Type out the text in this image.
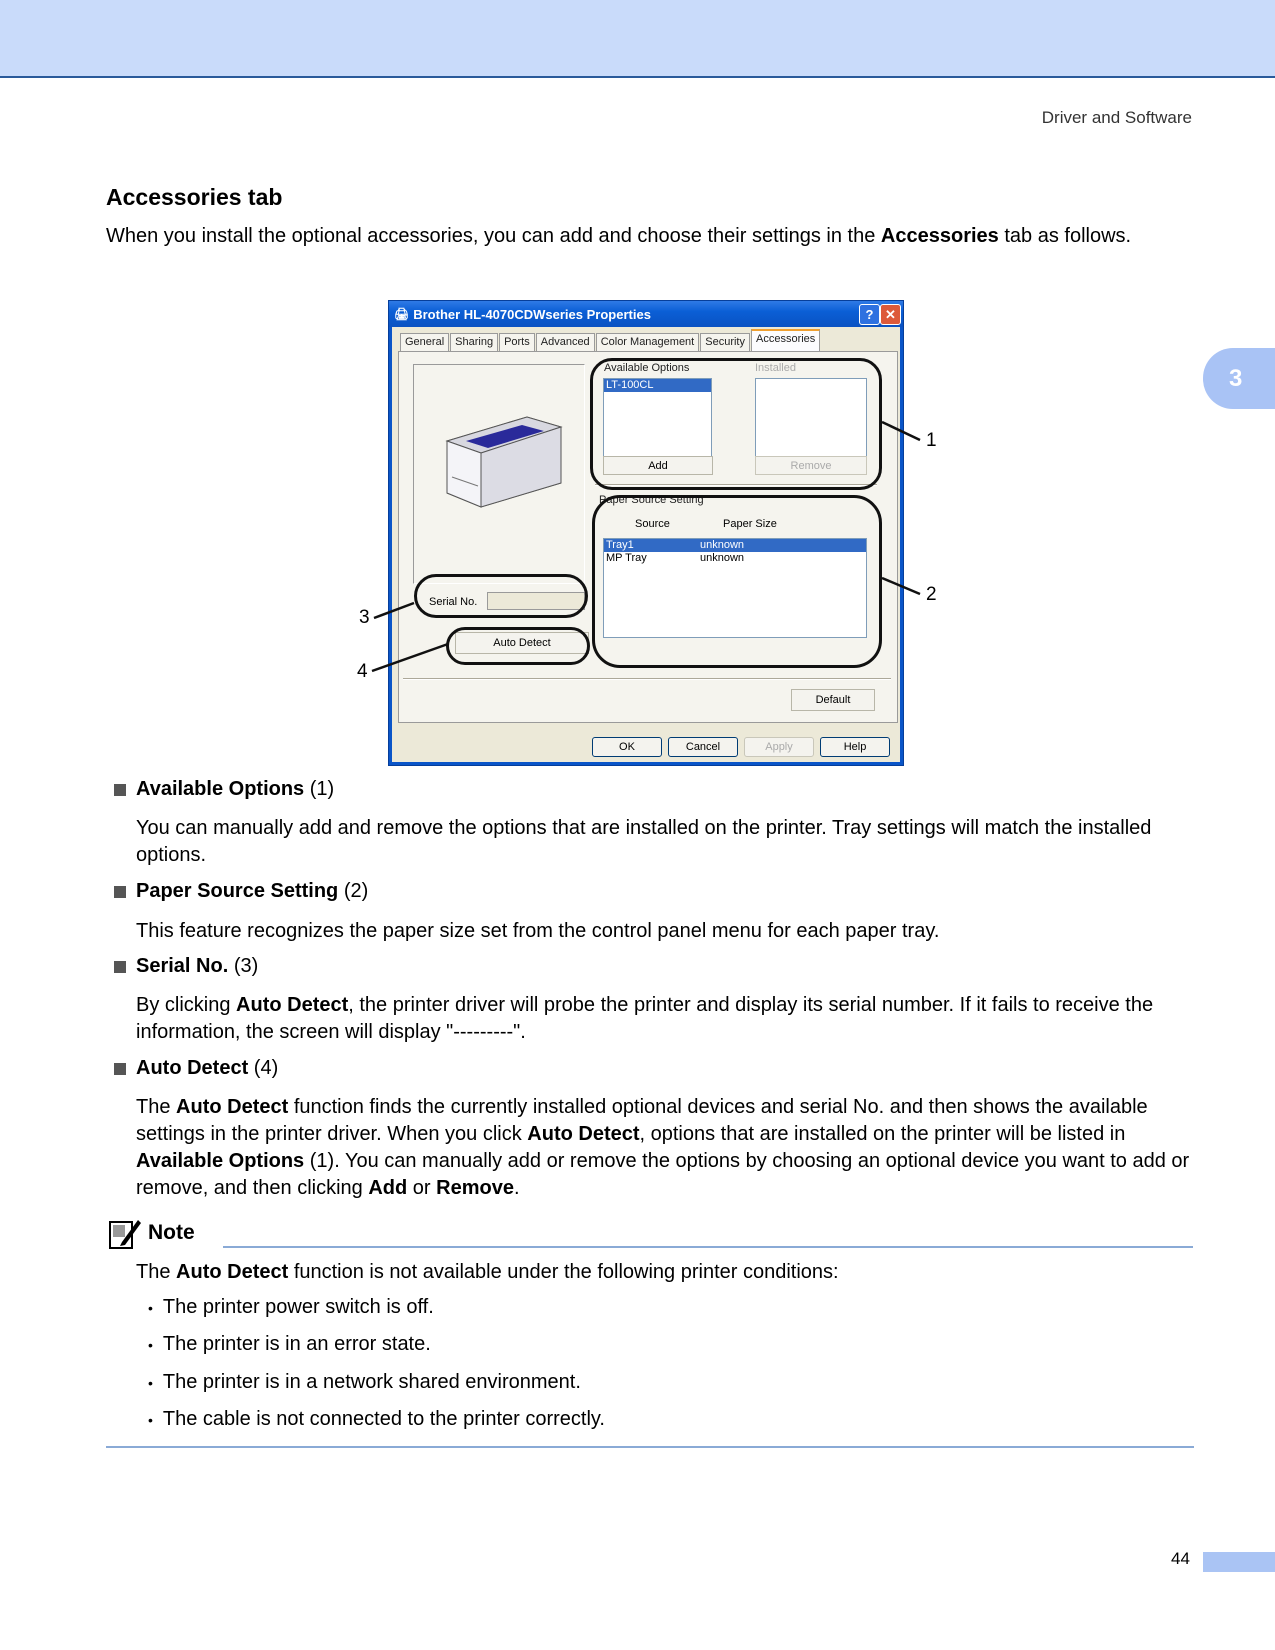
Driver and Software
3
Accessories tab

When you install the optional accessories, you can add and choose their settings in the Accessories tab as follows.

🖨 Brother HL-4070CDWseries Properties	? ✕
General	Sharing	Ports	Advanced	Color Management	Security	Accessories
Available Options	Installed
LT-100CL
Add	Remove
Paper Source Setting
Source	Paper Size
Tray1	unknown
MP Tray	unknown
Serial No.
Auto Detect
Default
OK	Cancel	Apply	Help
1
2
3
4
Available Options
(1)

You can manually add and remove the options that are installed on the printer. Tray settings will match the installed options.

Paper Source Setting
(2)

This feature recognizes the paper size set from the control panel menu for each paper tray.

Serial No.
(3)

By clicking Auto Detect, the printer driver will probe the printer and display its serial number. If it fails to receive the information, the screen will display "---------".

Auto Detect
(4)

The Auto Detect function finds the currently installed optional devices and serial No. and then shows the available settings in the printer driver. When you click Auto Detect, options that are installed on the printer will be listed in Available Options (1). You can manually add or remove the options by choosing an optional device you want to add or remove, and then clicking Add or Remove.

Note

The Auto Detect function is not available under the following printer conditions:

• The printer power switch is off.
• The printer is in an error state.
• The printer is in a network shared environment.
• The cable is not connected to the printer correctly.
44
